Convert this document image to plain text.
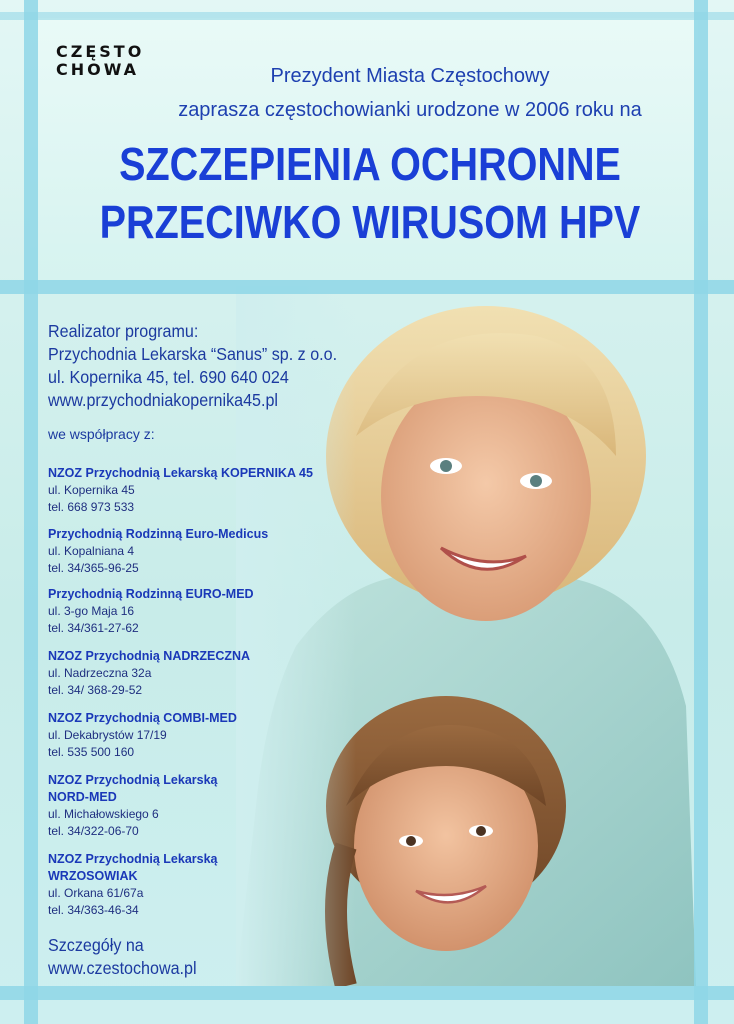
CZĘSTO
CHOWA	Prezydent Miasta Częstochowy
zaprasza częstochowianki urodzone w 2006 roku na
SZCZEPIENIA OCHRONNE
PRZECIWKO WIRUSOM HPV
Realizator programu:
Przychodnia Lekarska “Sanus” sp. z o.o.
ul. Kopernika 45, tel. 690 640 024
www.przychodniakopernika45.pl
we współpracy z:
NZOZ Przychodnią Lekarską KOPERNIKA 45
ul. Kopernika 45
tel. 668 973 533
Przychodnią Rodzinną Euro-Medicus
ul. Kopalniana 4
tel. 34/365-96-25
Przychodnią Rodzinną EURO-MED
ul. 3-go Maja 16
tel. 34/361-27-62
NZOZ Przychodnią NADRZECZNA
ul. Nadrzeczna 32a
tel. 34/ 368-29-52
NZOZ Przychodnią COMBI-MED
ul. Dekabrystów 17/19
tel. 535 500 160
NZOZ Przychodnią Lekarską
NORD-MED
ul. Michałowskiego 6
tel. 34/322-06-70
NZOZ Przychodnią Lekarską
WRZOSOWIAK
ul. Orkana 61/67a
tel. 34/363-46-34
Szczegóły na
www.czestochowa.pl
